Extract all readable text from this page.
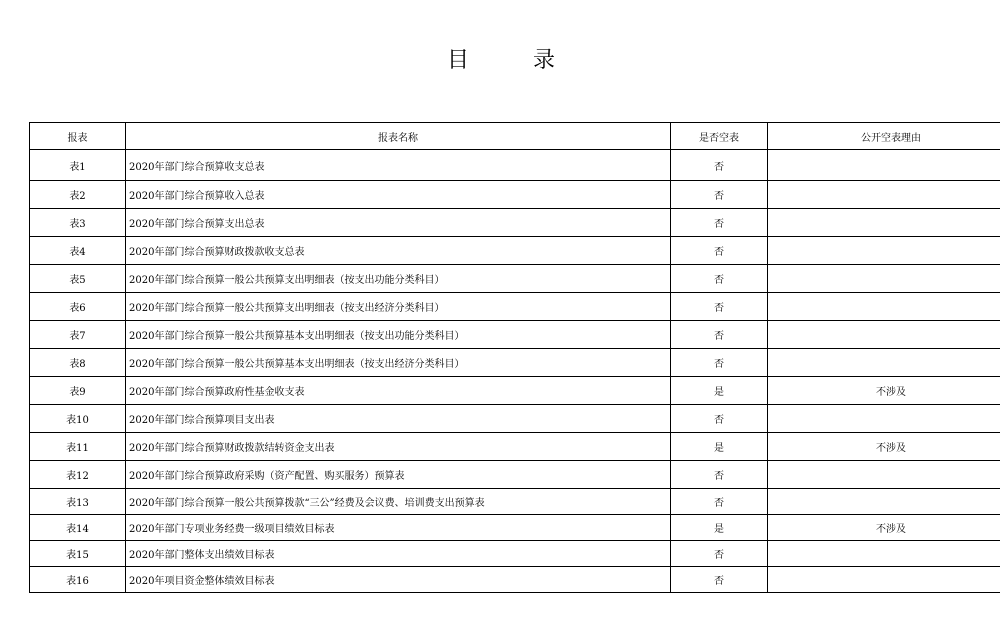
目	录
报表	报表名称	是否空表	公开空表理由
表1	2020年部门综合预算收支总表	否	
表2	2020年部门综合预算收入总表	否	
表3	2020年部门综合预算支出总表	否	
表4	2020年部门综合预算财政拨款收支总表	否	
表5	2020年部门综合预算一般公共预算支出明细表（按支出功能分类科目）	否	
表6	2020年部门综合预算一般公共预算支出明细表（按支出经济分类科目）	否	
表7	2020年部门综合预算一般公共预算基本支出明细表（按支出功能分类科目）	否	
表8	2020年部门综合预算一般公共预算基本支出明细表（按支出经济分类科目）	否	
表9	2020年部门综合预算政府性基金收支表	是	不涉及
表10	2020年部门综合预算项目支出表	否	
表11	2020年部门综合预算财政拨款结转资金支出表	是	不涉及
表12	2020年部门综合预算政府采购（资产配置、购买服务）预算表	否	
表13	2020年部门综合预算一般公共预算拨款“三公”经费及会议费、培训费支出预算表	否	
表14	2020年部门专项业务经费一级项目绩效目标表	是	不涉及
表15	2020年部门整体支出绩效目标表	否	
表16	2020年项目资金整体绩效目标表	否	
